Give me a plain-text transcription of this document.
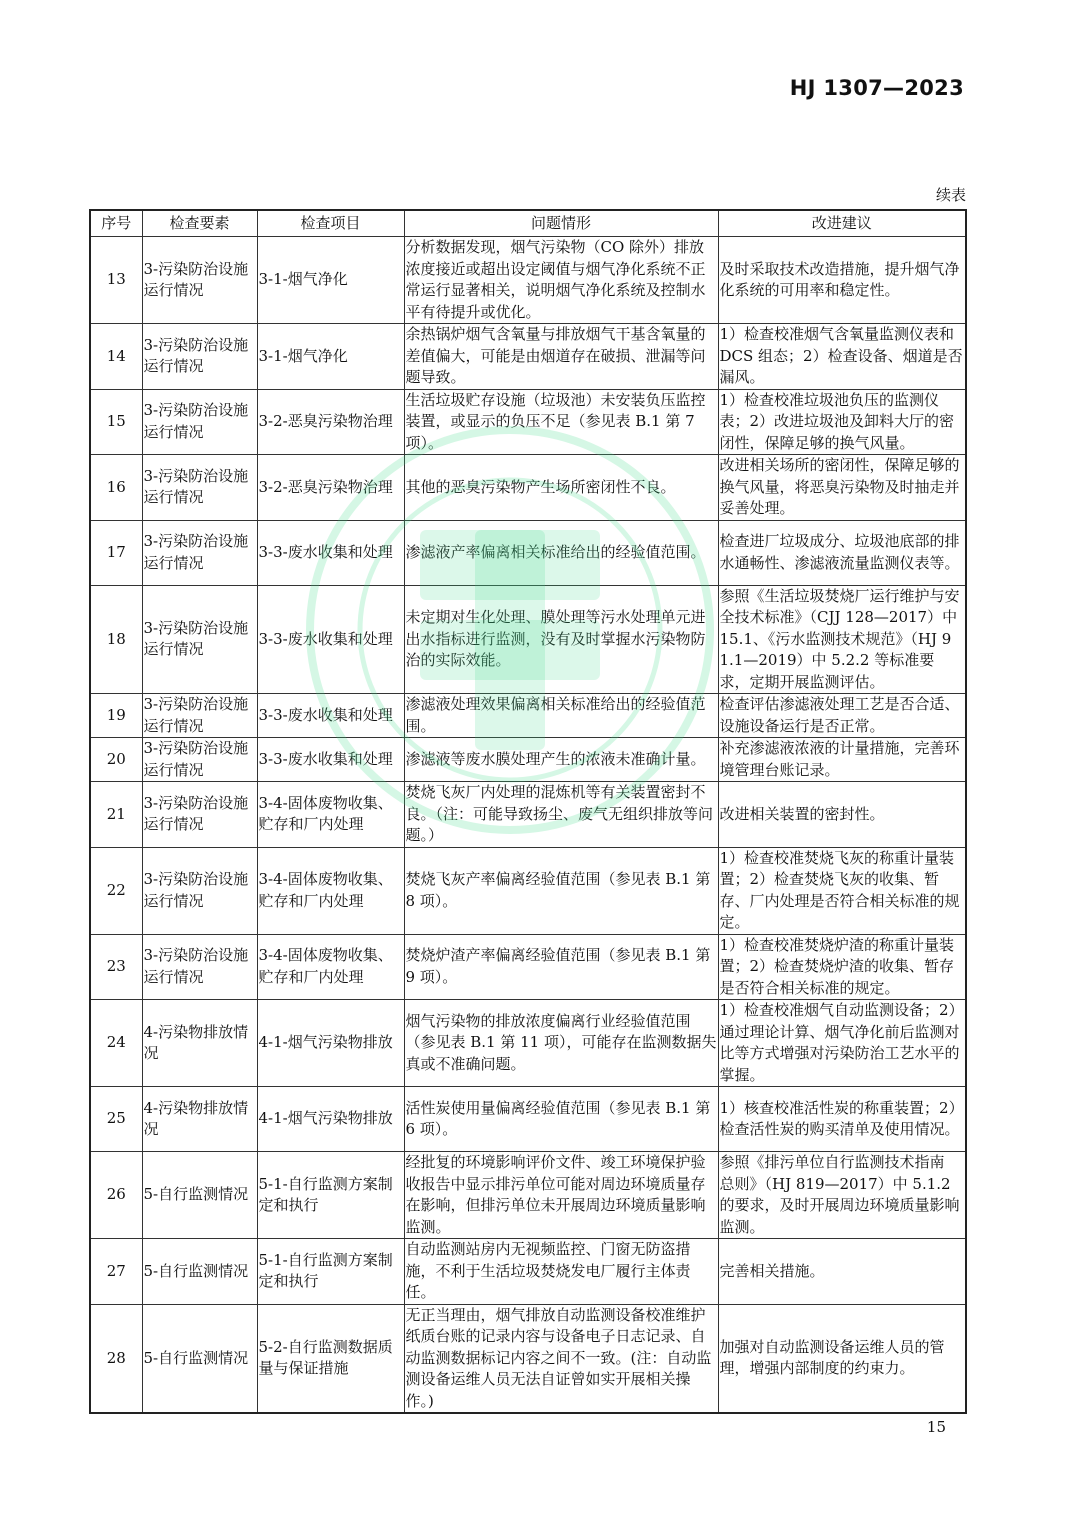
HJ 1307—2023
续表
序号	检查要素	检查项目	问题情形	改进建议
13	3-污染防治设施运行情况	3-1-烟气净化	分析数据发现，烟气污染物（CO 除外）排放浓度接近或超出设定阈值与烟气净化系统不正常运行显著相关，说明烟气净化系统及控制水平有待提升或优化。	及时采取技术改造措施，提升烟气净化系统的可用率和稳定性。
14	3-污染防治设施运行情况	3-1-烟气净化	余热锅炉烟气含氧量与排放烟气干基含氧量的差值偏大，可能是由烟道存在破损、泄漏等问题导致。	1）检查校准烟气含氧量监测仪表和DCS 组态；2）检查设备、烟道是否漏风。
15	3-污染防治设施运行情况	3-2-恶臭污染物治理	生活垃圾贮存设施（垃圾池）未安装负压监控装置，或显示的负压不足（参见表 B.1 第 7 项）。	1）检查校准垃圾池负压的监测仪表；2）改进垃圾池及卸料大厅的密闭性，保障足够的换气风量。
16	3-污染防治设施运行情况	3-2-恶臭污染物治理	其他的恶臭污染物产生场所密闭性不良。	改进相关场所的密闭性，保障足够的换气风量，将恶臭污染物及时抽走并妥善处理。
17	3-污染防治设施运行情况	3-3-废水收集和处理	渗滤液产率偏离相关标准给出的经验值范围。	检查进厂垃圾成分、垃圾池底部的排水通畅性、渗滤液流量监测仪表等。
18	3-污染防治设施运行情况	3-3-废水收集和处理	未定期对生化处理、膜处理等污水处理单元进出水指标进行监测，没有及时掌握水污染物防治的实际效能。	参照《生活垃圾焚烧厂运行维护与安全技术标准》（CJJ 128—2017）中 15.1、《污水监测技术规范》（HJ 91.1—2019）中 5.2.2 等标准要求，定期开展监测评估。
19	3-污染防治设施运行情况	3-3-废水收集和处理	渗滤液处理效果偏离相关标准给出的经验值范围。	检查评估渗滤液处理工艺是否合适、设施设备运行是否正常。
20	3-污染防治设施运行情况	3-3-废水收集和处理	渗滤液等废水膜处理产生的浓液未准确计量。	补充渗滤液浓液的计量措施，完善环境管理台账记录。
21	3-污染防治设施运行情况	3-4-固体废物收集、贮存和厂内处理	焚烧飞灰厂内处理的混炼机等有关装置密封不良。（注：可能导致扬尘、废气无组织排放等问题。）	改进相关装置的密封性。
22	3-污染防治设施运行情况	3-4-固体废物收集、贮存和厂内处理	焚烧飞灰产率偏离经验值范围（参见表 B.1 第 8 项）。	1）检查校准焚烧飞灰的称重计量装置；2）检查焚烧飞灰的收集、暂存、厂内处理是否符合相关标准的规定。
23	3-污染防治设施运行情况	3-4-固体废物收集、贮存和厂内处理	焚烧炉渣产率偏离经验值范围（参见表 B.1 第 9 项）。	1）检查校准焚烧炉渣的称重计量装置；2）检查焚烧炉渣的收集、暂存是否符合相关标准的规定。
24	4-污染物排放情况	4-1-烟气污染物排放	烟气污染物的排放浓度偏离行业经验值范围（参见表 B.1 第 11 项），可能存在监测数据失真或不准确问题。	1）检查校准烟气自动监测设备；2）通过理论计算、烟气净化前后监测对比等方式增强对污染防治工艺水平的掌握。
25	4-污染物排放情况	4-1-烟气污染物排放	活性炭使用量偏离经验值范围（参见表 B.1 第 6 项）。	1）核查校准活性炭的称重装置；2）检查活性炭的购买清单及使用情况。
26	5-自行监测情况	5-1-自行监测方案制定和执行	经批复的环境影响评价文件、竣工环境保护验收报告中显示排污单位可能对周边环境质量存在影响，但排污单位未开展周边环境质量影响监测。	参照《排污单位自行监测技术指南 总则》（HJ 819—2017）中 5.1.2 的要求，及时开展周边环境质量影响监测。
27	5-自行监测情况	5-1-自行监测方案制定和执行	自动监测站房内无视频监控、门窗无防盗措施，不利于生活垃圾焚烧发电厂履行主体责任。	完善相关措施。
28	5-自行监测情况	5-2-自行监测数据质量与保证措施	无正当理由，烟气排放自动监测设备校准维护纸质台账的记录内容与设备电子日志记录、自动监测数据标记内容之间不一致。(注：自动监测设备运维人员无法自证曾如实开展相关操作。)	加强对自动监测设备运维人员的管理，增强内部制度的约束力。
15
